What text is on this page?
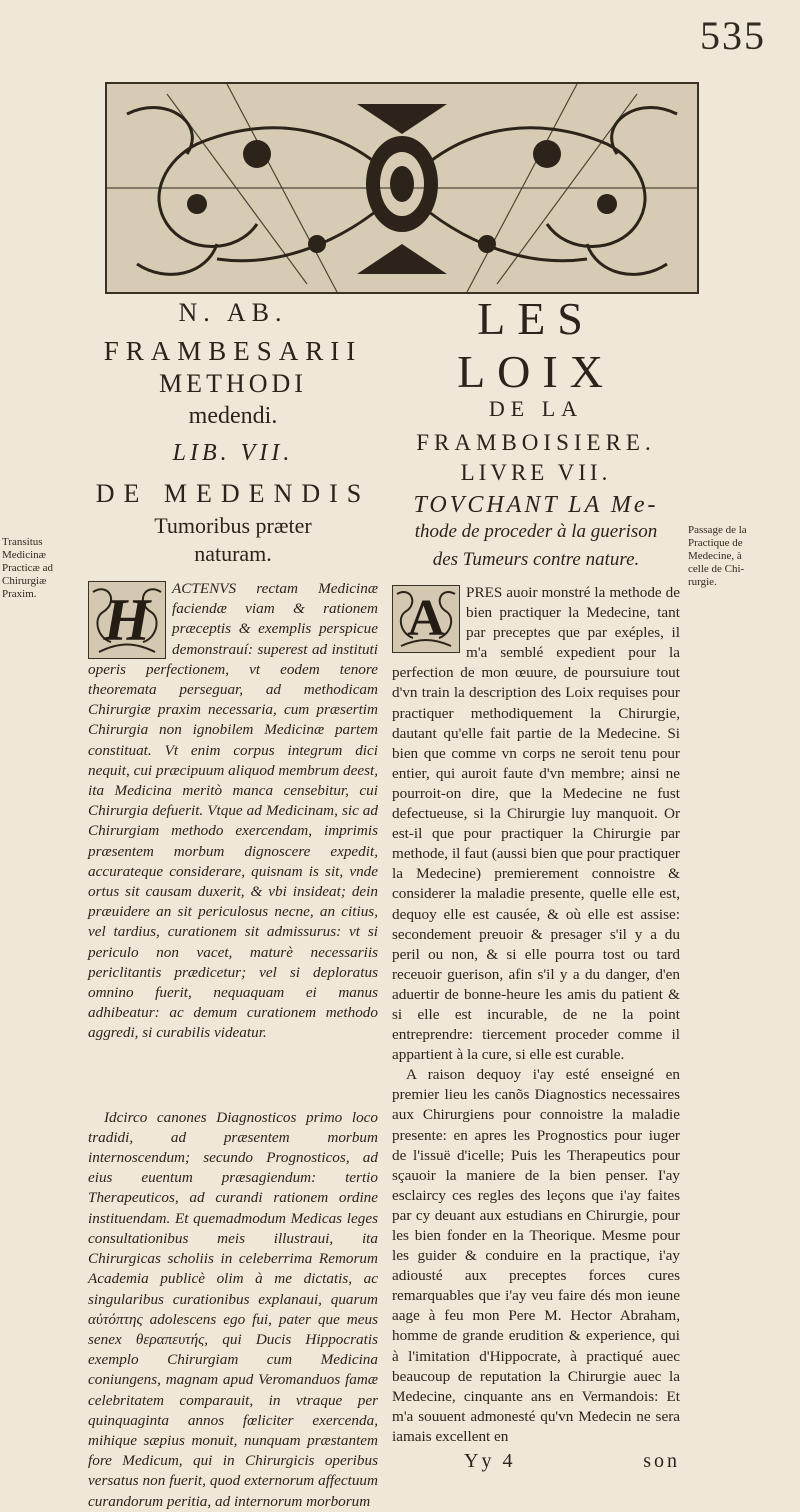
535
Transitus
Medicinæ
Practicæ ad
Chirurgiæ
Praxim.
Passage de la
Practique de
Medecine, à
celle de Chi-
rurgie.
N. AB.
FRAMBESARII
METHODI
medendi.
LIB. VII.
DE MEDENDIS
Tumoribus præter
naturam.
H	ACTENVS rectam Medicinæ faciendæ viam & rationem præceptis & exemplis perspicue demonstrauí: superest ad instituti operis perfectionem, vt eodem tenore theoremata perseguar, ad methodicam Chirurgiæ praxim necessaria, cum præsertim Chirurgia non ignobilem Medicinæ partem constituat. Vt enim corpus integrum dici nequit, cui præcipuum aliquod membrum deest, ita Medicina meritò manca censebitur, cui Chirurgia defuerit. Vtque ad Medicinam, sic ad Chirurgiam methodo exercendam, imprimis præsentem morbum dignoscere expedit, accurateque considerare, quisnam is sit, vnde ortus sit causam duxerit, & vbi insideat; dein præuidere an sit periculosus necne, an citius, vel tardius, curationem sit admissurus: vt si periculo non vacet, maturè necessariis periclitantis prædicetur; vel si deploratus omnino fuerit, nequaquam ei manus adhibeatur: ac demum curationem methodo aggredi, si curabilis videatur.

Idcirco canones Diagnosticos primo loco tradidi, ad præsentem morbum internoscendum; secundo Prognosticos, ad eius euentum præsagiendum: tertio Therapeuticos, ad curandi rationem ordine instituendam. Et quemadmodum Medicas leges consultationibus meis illustraui, ita Chirurgicas scholiis in celeberrima Remorum Academia publicè olim à me dictatis, ac singularibus curationibus explanaui, quarum αὐτόπτης adolescens ego fui, pater que meus senex θεραπευτής, qui Ducis Hippocratis exemplo Chirurgiam cum Medicina coniungens, magnam apud Veromanduos famæ celebritatem comparauit, in vtraque per quinquaginta annos fœliciter exercenda, mihique sæpius monuit, nunquam præstantem fore Medicum, qui in Chirurgicis operibus versatus non fuerit, quod externorum affectuum curandorum peritia, ad internorum morborum

LES LOIX
DE LA
FRAMBOISIERE.
LIVRE VII.
TOVCHANT LA Me-
thode de proceder à la guerison
des Tumeurs contre nature.
A	PRES auoir monstré la methode de bien practiquer la Medecine, tant par preceptes que par exéples, il m'a semblé expedient pour la perfection de mon œuure, de poursuiure tout d'vn train la description des Loix requises pour practiquer methodiquement la Chirurgie, dautant qu'elle fait partie de la Medecine. Si bien que comme vn corps ne seroit tenu pour entier, qui auroit faute d'vn membre; ainsi ne pourroit-on dire, que la Medecine ne fust defectueuse, si la Chirurgie luy manquoit. Or est-il que pour practiquer la Chirurgie par methode, il faut (aussi bien que pour practiquer la Medecine) premierement connoistre & considerer la maladie presente, quelle elle est, dequoy elle est causée, & où elle est assise: secondement preuoir & presager s'il y a du peril ou non, & si elle pourra tost ou tard receuoir guerison, afin s'il y a du danger, d'en aduertir de bonne-heure les amis du patient & si elle est incurable, de ne la point entreprendre: tiercement proceder comme il appartient à la cure, si elle est curable.

A raison dequoy i'ay esté enseigné en premier lieu les canõs Diagnostics necessaires aux Chirurgiens pour connoistre la maladie presente: en apres les Prognostics pour iuger de l'issuë d'icelle; Puis les Therapeutics pour sçauoir la maniere de la bien penser. I'ay esclaircy ces regles des leçons que i'ay faites par cy deuant aux estudians en Chirurgie, pour les bien fonder en la Theorique. Mesme pour les guider & conduire en la practique, i'ay adiousté aux preceptes forces cures remarquables que i'ay veu faire dés mon ieune aage à feu mon Pere M. Hector Abraham, homme de grande erudition & experience, qui à l'imitation d'Hippocrate, à practiqué auec beaucoup de reputation la Chirurgie auec la Medecine, cinquante ans en Vermandois: Et m'a souuent admonesté qu'vn Medecin ne sera iamais excellent en

Yy 4	son
